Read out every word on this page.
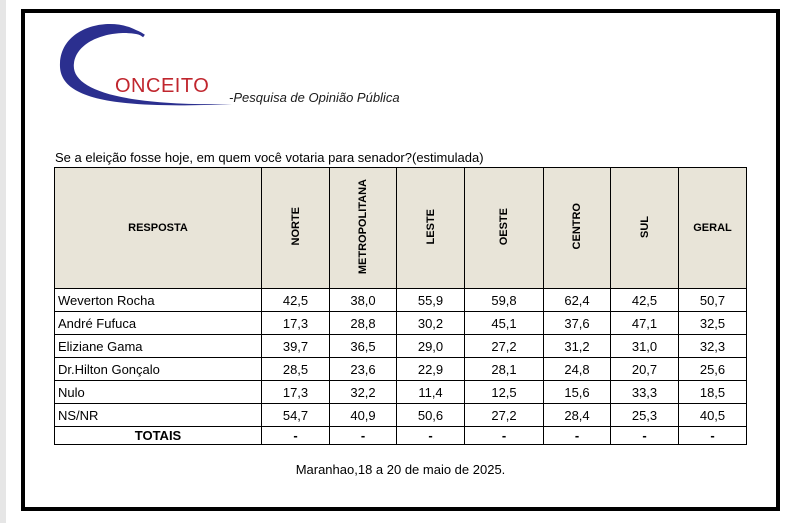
ONCEITO
-Pesquisa de Opinião Pública
Se a eleição fosse hoje, em quem você votaria para senador?(estimulada)
RESPOSTA	NORTE	METROPOLITANA	LESTE	OESTE	CENTRO	SUL	GERAL
Weverton Rocha	42,5	38,0	55,9	59,8	62,4	42,5	50,7
André Fufuca	17,3	28,8	30,2	45,1	37,6	47,1	32,5
Eliziane Gama	39,7	36,5	29,0	27,2	31,2	31,0	32,3
Dr.Hilton Gonçalo	28,5	23,6	22,9	28,1	24,8	20,7	25,6
Nulo	17,3	32,2	11,4	12,5	15,6	33,3	18,5
NS/NR	54,7	40,9	50,6	27,2	28,4	25,3	40,5
TOTAIS	-	-	-	-	-	-	-
Maranhao,18 a 20 de maio de 2025.
